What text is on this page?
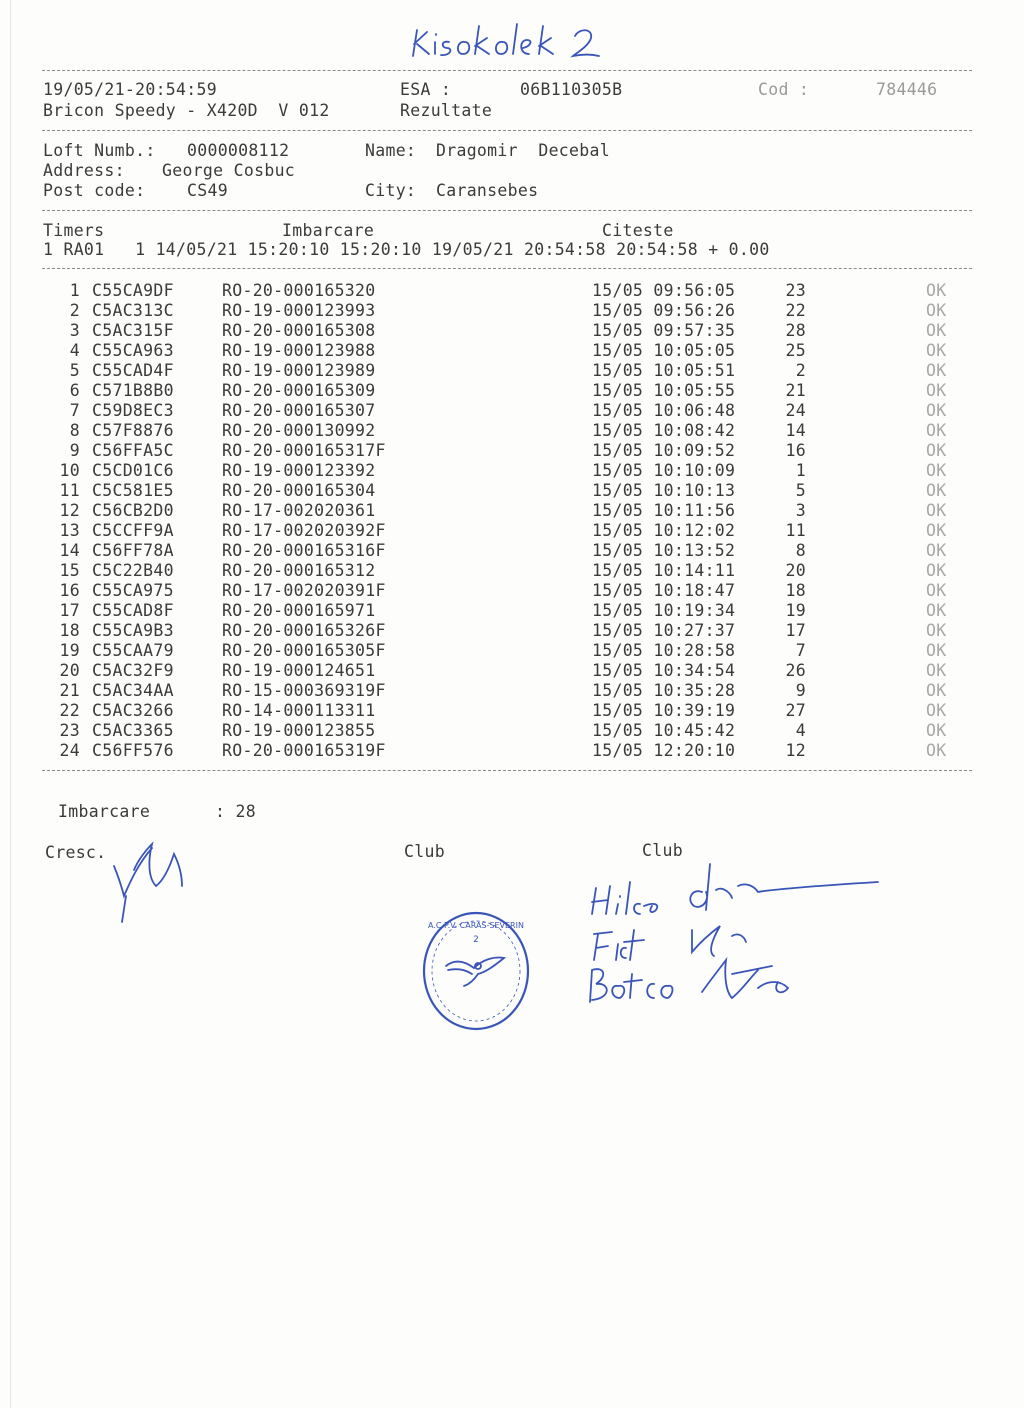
19/05/21-20:54:59	ESA :	06B110305B	Cod :	784446
Bricon Speedy - X420D  V 012	Rezultate
Loft Numb.: 0000008112	Name: Dragomir  Decebal
Address: George Cosbuc
Post code:	CS49	City: Caransebes
Timers	Imbarcare	Citeste
1 RA01   1 14/05/21 15:20:10 15:20:10 19/05/21 20:54:58 20:54:58 + 0.00
1 C55CA9DF	RO-20-000165320	15/05 09:56:05	23	OK
2 C5AC313C	RO-19-000123993	15/05 09:56:26	22	OK
3 C5AC315F	RO-20-000165308	15/05 09:57:35	28	OK
4 C55CA963	RO-19-000123988	15/05 10:05:05	25	OK
5 C55CAD4F	RO-19-000123989	15/05 10:05:51	2	OK
6 C571B8B0	RO-20-000165309	15/05 10:05:55	21	OK
7 C59D8EC3	RO-20-000165307	15/05 10:06:48	24	OK
8 C57F8876	RO-20-000130992	15/05 10:08:42	14	OK
9 C56FFA5C	RO-20-000165317F	15/05 10:09:52	16	OK
10 C5CD01C6	RO-19-000123392	15/05 10:10:09	1	OK
11 C5C581E5	RO-20-000165304	15/05 10:10:13	5	OK
12 C56CB2D0	RO-17-002020361	15/05 10:11:56	3	OK
13 C5CCFF9A	RO-17-002020392F	15/05 10:12:02	11	OK
14 C56FF78A	RO-20-000165316F	15/05 10:13:52	8	OK
15 C5C22B40	RO-20-000165312	15/05 10:14:11	20	OK
16 C55CA975	RO-17-002020391F	15/05 10:18:47	18	OK
17 C55CAD8F	RO-20-000165971	15/05 10:19:34	19	OK
18 C55CA9B3	RO-20-000165326F	15/05 10:27:37	17	OK
19 C55CAA79	RO-20-000165305F	15/05 10:28:58	7	OK
20 C5AC32F9	RO-19-000124651	15/05 10:34:54	26	OK
21 C5AC34AA	RO-15-000369319F	15/05 10:35:28	9	OK
22 C5AC3266	RO-14-000113311	15/05 10:39:19	27	OK
23 C5AC3365	RO-19-000123855	15/05 10:45:42	4	OK
24 C56FF576	RO-20-000165319F	15/05 12:20:10	12	OK
Imbarcare	: 28
Cresc.	Club	Club
A.C.P.V. CARAS-SEVERIN
2
